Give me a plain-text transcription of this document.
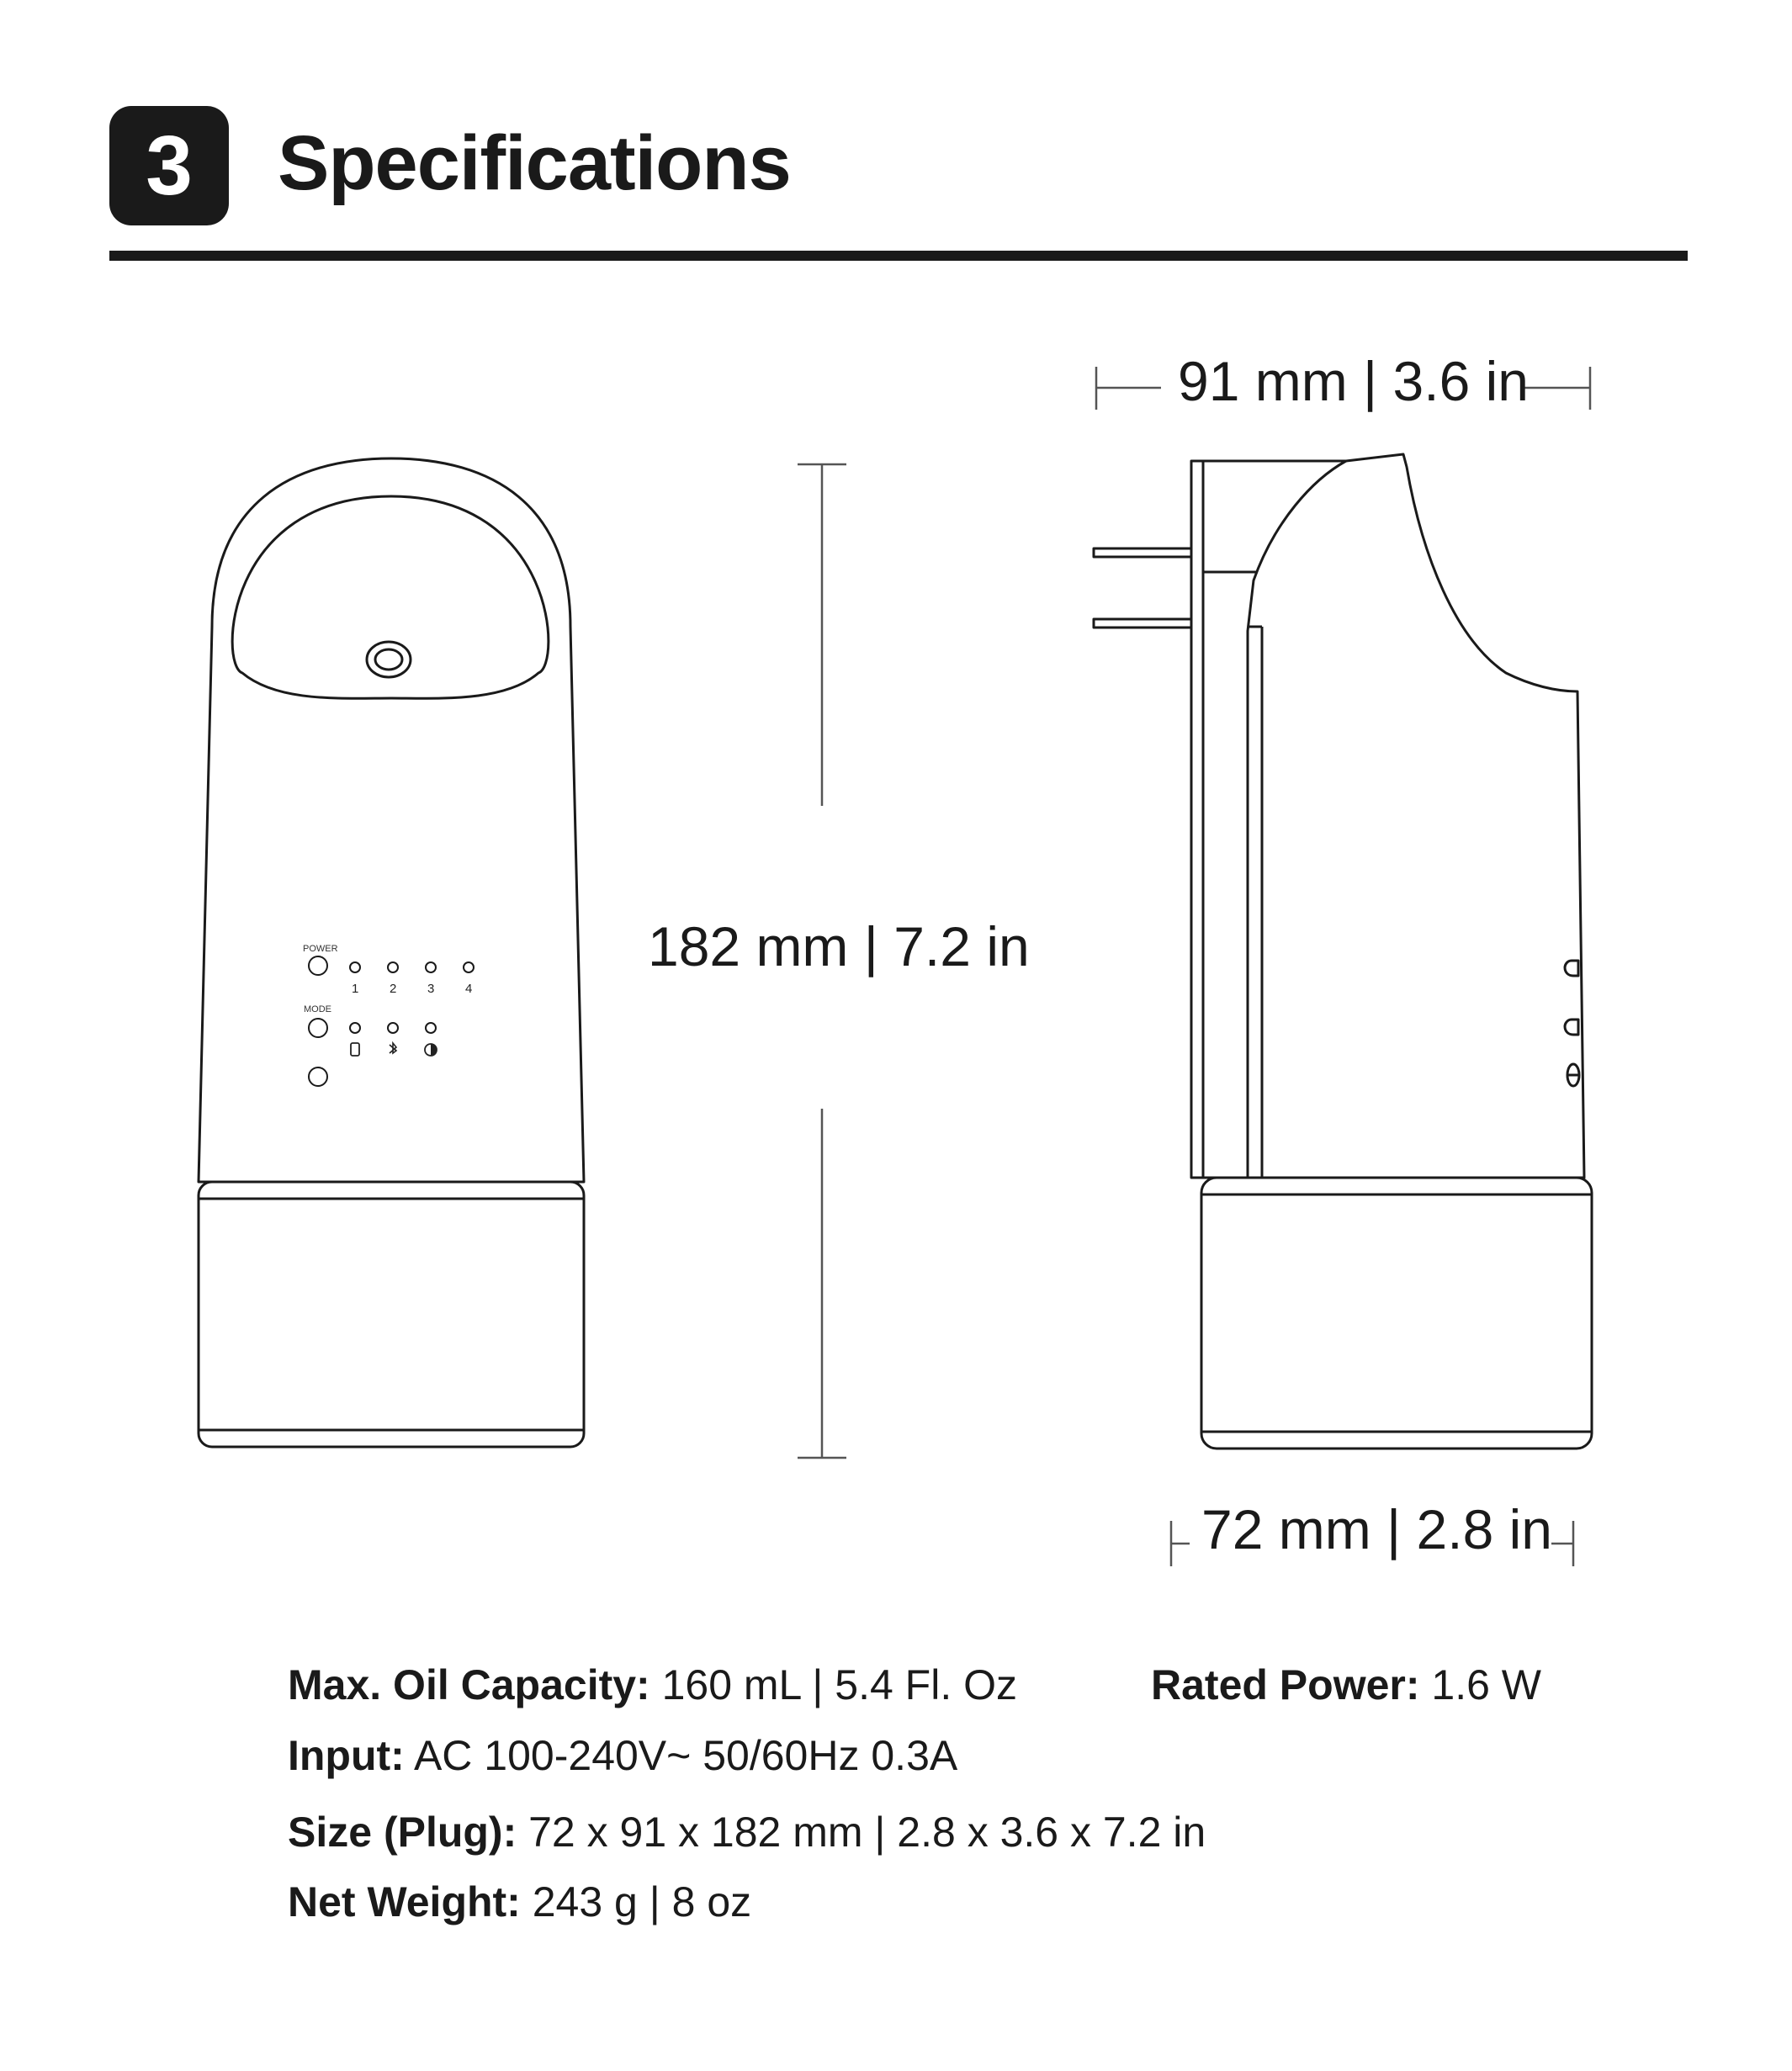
3 Specifications
POWER
MODE
1 2 3 4
91 mm | 3.6 in
182 mm | 7.2 in
72 mm | 2.8 in
Max. Oil Capacity: 160 mL | 5.4 Fl. Oz	Rated Power: 1.6 W
Input: AC 100-240V~ 50/60Hz 0.3A
Size (Plug): 72 x 91 x 182 mm | 2.8 x 3.6 x 7.2 in
Net Weight: 243 g | 8 oz
